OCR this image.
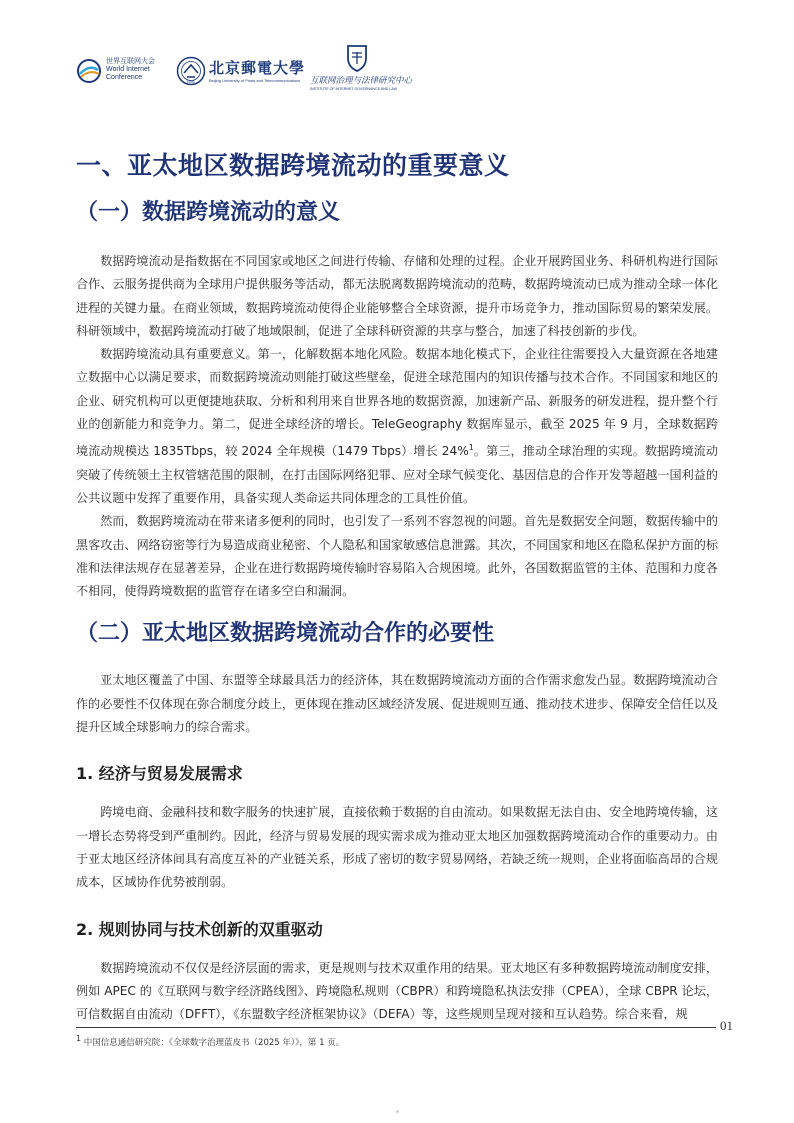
世界互联网大会
World Internet
Conference
1955
北京郵電大學
Beijing University of Posts and Telecommunications 互联网治理与法律研究中心
INSTITUTE OF INTERNET GOVERNANCE AND LAW
一、亚太地区数据跨境流动的重要意义
（一）数据跨境流动的意义

数据跨境流动是指数据在不同国家或地区之间进行传输、存储和处理的过程。企业开展跨国业务、科研机构进行国际合作、云服务提供商为全球用户提供服务等活动，都无法脱离数据跨境流动的范畴，数据跨境流动已成为推动全球一体化进程的关键力量。在商业领域，数据跨境流动使得企业能够整合全球资源，提升市场竞争力，推动国际贸易的繁荣发展。科研领域中，数据跨境流动打破了地域限制，促进了全球科研资源的共享与整合，加速了科技创新的步伐。

数据跨境流动具有重要意义。第一，化解数据本地化风险。数据本地化模式下，企业往往需要投入大量资源在各地建立数据中心以满足要求，而数据跨境流动则能打破这些壁垒，促进全球范围内的知识传播与技术合作。不同国家和地区的企业、研究机构可以更便捷地获取、分析和利用来自世界各地的数据资源，加速新产品、新服务的研发进程，提升整个行业的创新能力和竞争力。第二，促进全球经济的增长。TeleGeography 数据库显示，截至 2025 年 9 月，全球数据跨境流动规模达 1835Tbps，较 2024 全年规模（1479 Tbps）增长 24%$^1$。第三，推动全球治理的实现。数据跨境流动突破了传统领土主权管辖范围的限制，在打击国际网络犯罪、应对全球气候变化、基因信息的合作开发等超越一国利益的公共议题中发挥了重要作用，具备实现人类命运共同体理念的工具性价值。

然而，数据跨境流动在带来诸多便利的同时，也引发了一系列不容忽视的问题。首先是数据安全问题，数据传输中的黑客攻击、网络窃密等行为易造成商业秘密、个人隐私和国家敏感信息泄露。其次，不同国家和地区在隐私保护方面的标准和法律法规存在显著差异，企业在进行数据跨境传输时容易陷入合规困境。此外，各国数据监管的主体、范围和力度各不相同，使得跨境数据的监管存在诸多空白和漏洞。

（二）亚太地区数据跨境流动合作的必要性

亚太地区覆盖了中国、东盟等全球最具活力的经济体，其在数据跨境流动方面的合作需求愈发凸显。数据跨境流动合作的必要性不仅体现在弥合制度分歧上，更体现在推动区域经济发展、促进规则互通、推动技术进步、保障安全信任以及提升区域全球影响力的综合需求。

1. 经济与贸易发展需求

跨境电商、金融科技和数字服务的快速扩展，直接依赖于数据的自由流动。如果数据无法自由、安全地跨境传输，这一增长态势将受到严重制约。因此，经济与贸易发展的现实需求成为推动亚太地区加强数据跨境流动合作的重要动力。由于亚太地区经济体间具有高度互补的产业链关系，形成了密切的数字贸易网络，若缺乏统一规则，企业将面临高昂的合规成本，区域协作优势被削弱。

2. 规则协同与技术创新的双重驱动

数据跨境流动不仅仅是经济层面的需求，更是规则与技术双重作用的结果。亚太地区有多种数据跨境流动制度安排，例如 APEC 的《互联网与数字经济路线图》、跨境隐私规则（CBPR）和跨境隐私执法安排（CPEA），全球 CBPR 论坛，可信数据自由流动（DFFT），《东盟数字经济框架协议》（DEFA）等，这些规则呈现对接和互认趋势。综合来看，规

01
$^1$ 中国信息通信研究院：《全球数字治理蓝皮书（2025 年）》，第 1 页。
